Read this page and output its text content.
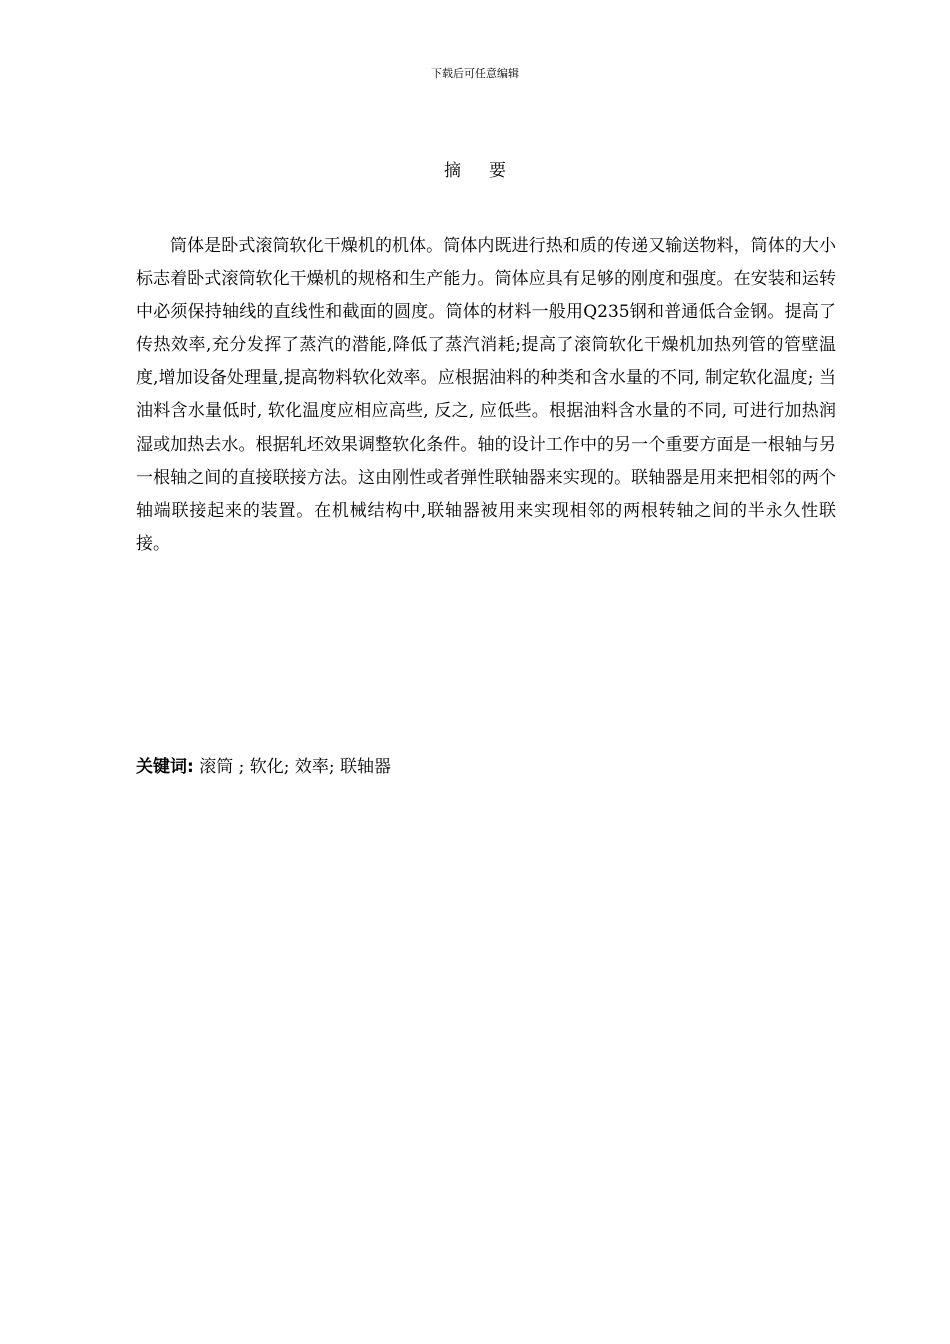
下载后可任意编辑
摘要

筒体是卧式滚筒软化干燥机的机体。筒体内既进行热和质的传递又输送物料，筒体的大小标志着卧式滚筒软化干燥机的规格和生产能力。筒体应具有足够的刚度和强度。在安装和运转中必须保持轴线的直线性和截面的圆度。筒体的材料一般用Q235钢和普通低合金钢。提高了传热效率,充分发挥了蒸汽的潜能,降低了蒸汽消耗;提高了滚筒软化干燥机加热列管的管壁温度,增加设备处理量,提高物料软化效率。应根据油料的种类和含水量的不同, 制定软化温度; 当油料含水量低时, 软化温度应相应高些, 反之, 应低些。根据油料含水量的不同, 可进行加热润湿或加热去水。根据轧坯效果调整软化条件。轴的设计工作中的另一个重要方面是一根轴与另一根轴之间的直接联接方法。这由刚性或者弹性联轴器来实现的。联轴器是用来把相邻的两个轴端联接起来的装置。在机械结构中,联轴器被用来实现相邻的两根转轴之间的半永久性联接。

关键词: 滚筒 ; 软化; 效率; 联轴器
